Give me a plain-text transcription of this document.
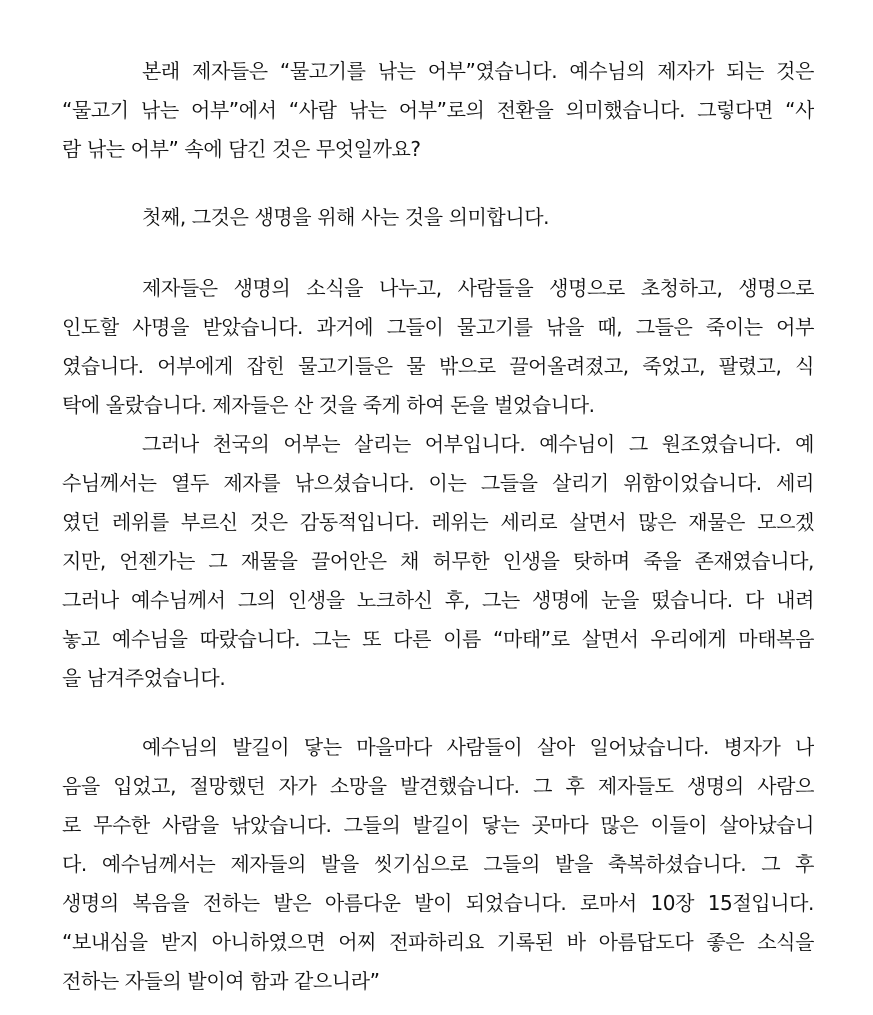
본래 제자들은 “물고기를 낚는 어부”였습니다. 예수님의 제자가 되는 것은
“물고기 낚는 어부”에서 “사람 낚는 어부”로의 전환을 의미했습니다. 그렇다면 “사
람 낚는 어부” 속에 담긴 것은 무엇일까요?
첫째, 그것은 생명을 위해 사는 것을 의미합니다.
제자들은 생명의 소식을 나누고, 사람들을 생명으로 초청하고, 생명으로
인도할 사명을 받았습니다. 과거에 그들이 물고기를 낚을 때, 그들은 죽이는 어부
였습니다. 어부에게 잡힌 물고기들은 물 밖으로 끌어올려졌고, 죽었고, 팔렸고, 식
탁에 올랐습니다. 제자들은 산 것을 죽게 하여 돈을 벌었습니다.
그러나 천국의 어부는 살리는 어부입니다. 예수님이 그 원조였습니다. 예
수님께서는 열두 제자를 낚으셨습니다. 이는 그들을 살리기 위함이었습니다. 세리
였던 레위를 부르신 것은 감동적입니다. 레위는 세리로 살면서 많은 재물은 모으겠
지만, 언젠가는 그 재물을 끌어안은 채 허무한 인생을 탓하며 죽을 존재였습니다,
그러나 예수님께서 그의 인생을 노크하신 후, 그는 생명에 눈을 떴습니다. 다 내려
놓고 예수님을 따랐습니다. 그는 또 다른 이름 “마태”로 살면서 우리에게 마태복음
을 남겨주었습니다.
예수님의 발길이 닿는 마을마다 사람들이 살아 일어났습니다. 병자가 나
음을 입었고, 절망했던 자가 소망을 발견했습니다. 그 후 제자들도 생명의 사람으
로 무수한 사람을 낚았습니다. 그들의 발길이 닿는 곳마다 많은 이들이 살아났습니
다. 예수님께서는 제자들의 발을 씻기심으로 그들의 발을 축복하셨습니다. 그 후
생명의 복음을 전하는 발은 아름다운 발이 되었습니다. 로마서 10장 15절입니다.
“보내심을 받지 아니하였으면 어찌 전파하리요 기록된 바 아름답도다 좋은 소식을
전하는 자들의 발이여 함과 같으니라”
